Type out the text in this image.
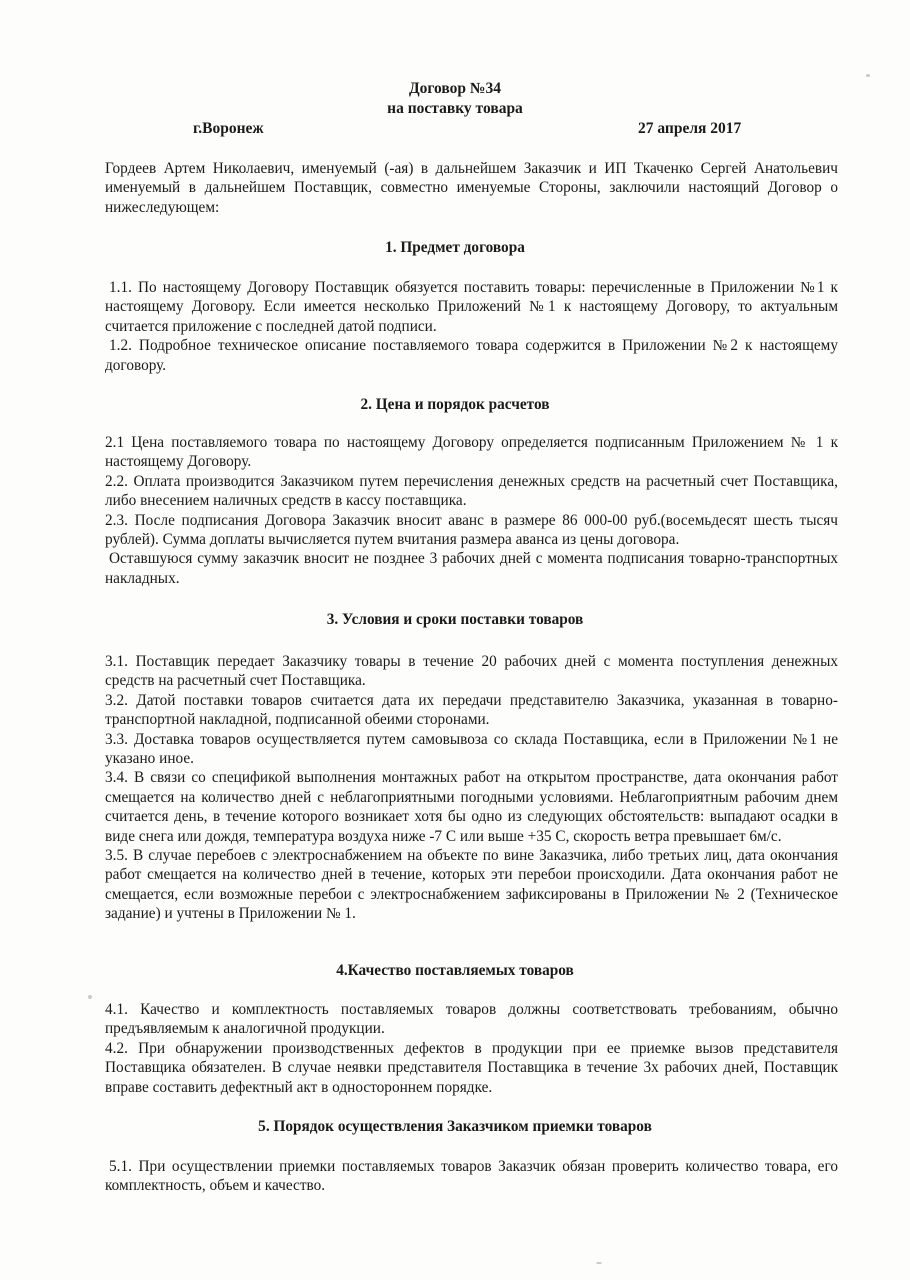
Договор №34
на поставку товара
г.Воронеж	27 апреля 2017

Гордеев Артем Николаевич, именуемый (-ая) в дальнейшем Заказчик и ИП Ткаченко Сергей Анатольевич именуемый в дальнейшем Поставщик, совместно именуемые Стороны, заключили настоящий Договор о нижеследующем:

1. Предмет договора

1.1. По настоящему Договору Поставщик обязуется поставить товары: перечисленные в Приложении №1 к настоящему Договору. Если имеется несколько Приложений №1 к настоящему Договору, то актуальным считается приложение с последней датой подписи.

1.2. Подробное техническое описание поставляемого товара содержится в Приложении №2 к настоящему договору.

2. Цена и порядок расчетов

2.1 Цена поставляемого товара по настоящему Договору определяется подписанным Приложением № 1 к настоящему Договору.

2.2. Оплата производится Заказчиком путем перечисления денежных средств на расчетный счет Поставщика, либо внесением наличных средств в кассу поставщика.

2.3. После подписания Договора Заказчик вносит аванс в размере 86 000-00 руб.(восемьдесят шесть тысяч рублей). Сумма доплаты вычисляется путем вчитания размера аванса из цены договора.

Оставшуюся сумму заказчик вносит не позднее 3 рабочих дней с момента подписания товарно-транспортных накладных.

3. Условия и сроки поставки товаров

3.1. Поставщик передает Заказчику товары в течение 20 рабочих дней с момента поступления денежных средств на расчетный счет Поставщика.

3.2. Датой поставки товаров считается дата их передачи представителю Заказчика, указанная в товарно-транспортной накладной, подписанной обеими сторонами.

3.3. Доставка товаров осуществляется путем самовывоза со склада Поставщика, если в Приложении №1 не указано иное.

3.4. В связи со спецификой выполнения монтажных работ на открытом пространстве, дата окончания работ смещается на количество дней с неблагоприятными погодными условиями. Неблагоприятным рабочим днем считается день, в течение которого возникает хотя бы одно из следующих обстоятельств: выпадают осадки в виде снега или дождя, температура воздуха ниже -7 С или выше +35 С, скорость ветра превышает 6м/с.

3.5. В случае перебоев с электроснабжением на объекте по вине Заказчика, либо третьих лиц, дата окончания работ смещается на количество дней в течение, которых эти перебои происходили. Дата окончания работ не смещается, если возможные перебои с электроснабжением зафиксированы в Приложении № 2 (Техническое задание) и учтены в Приложении № 1.

4.Качество поставляемых товаров

4.1. Качество и комплектность поставляемых товаров должны соответствовать требованиям, обычно предъявляемым к аналогичной продукции.

4.2. При обнаружении производственных дефектов в продукции при ее приемке вызов представителя Поставщика обязателен. В случае неявки представителя Поставщика в течение 3х рабочих дней, Поставщик вправе составить дефектный акт в одностороннем порядке.

5. Порядок осуществления Заказчиком приемки товаров

5.1. При осуществлении приемки поставляемых товаров Заказчик обязан проверить количество товара, его комплектность, объем и качество.
